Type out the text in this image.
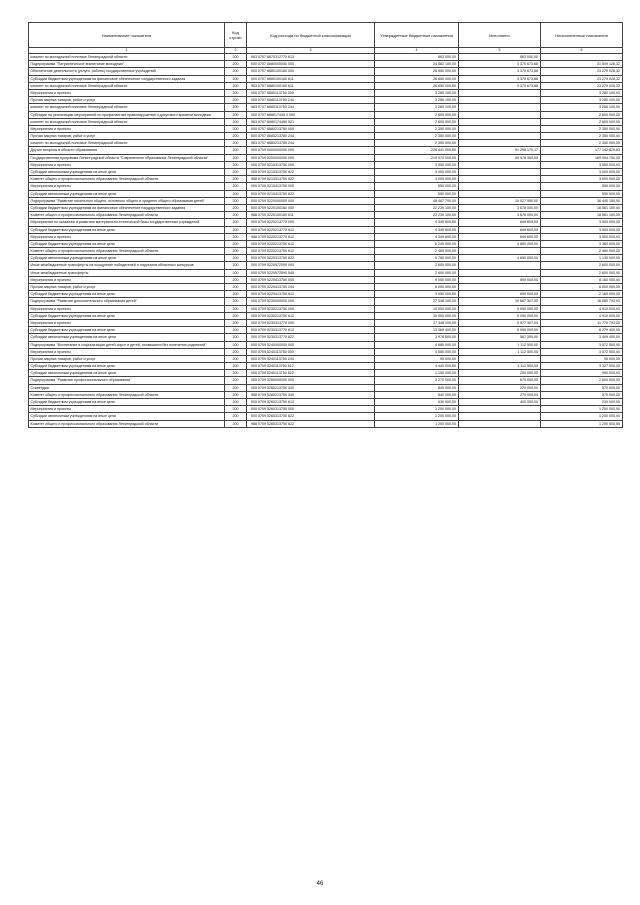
Наименование показателя	Код строки	Код расхода по бюджетной классификации	Утвержденные бюджетные назначения	Исполнено	Неисполненные назначения
1	2	3	4	5	6
комитет по молодежной политике Ленинградской области	200	963 0707 6670312770 612	863 000,00	863 000,00	
Подпрограмма "Патриотическое воспитание молодежи"	200	000 0707 6680000000 000	34 882 100,00	3 370 673,68	31 509 126,32
Обеспечение деятельности (услуги, работы) государственных учреждений	200	000 0707 6680100160 000	26 650 000,00	3 370 673,68	23 279 026,32
Субсидии бюджетным учреждениям на финансовое обеспечение государственного задания	200	000 0707 6680100160 611	26 650 000,00	3 370 673,68	23 279 026,32
комитет по молодежной политике Ленинградской области	200	963 0707 6680100160 611	26 650 000,00	3 370 673,68	23 279 026,32
Мероприятия и проекты	200	000 0707 6680113750 000	3 280 100,00		3 280 100,00
Прочая закупка товаров, работ и услуг	200	000 0707 6680113750 244	3 280 100,00		3 280 100,00
комитет по молодежной политике Ленинградской области	200	963 0707 6680113750 244	3 280 100,00		3 280 100,00
Субсидии на реализацию мероприятий по профилактике правонарушений и досугового времени молодежи	200	000 0707 668017445 0 000	2 600 000,00		2 600 000,00
комитет по молодежной политике Ленинградской области	200	963 0707 6680174450 521	2 600 000,00		2 600 000,00
Мероприятия и проекты	200	000 0707 6680213780 000	2 350 000,00		2 350 000,00
Прочая закупка товаров, работ и услуг	200	000 0707 6680213780 244	2 350 000,00		2 350 000,00
комитет по молодежной политике Ленинградской области	200	963 0707 6680213780 244	2 350 000,00		2 350 000,00
Другие вопросы в области образования	200	000 0709 0000000000 000	228 441 000,00	51 298 170,17	177 142 829,83
Государственная программа Ленинградской области "Современное образование Ленинградской области"	200	000 0709 5200000000 000	219 070 000,00	49 975 300,00	169 094 700,00
Мероприятия и проекты	200	000 0709 5210313750 000	3 550 000,00		3 550 000,00
Субсидии автономным учреждениям на иные цели	200	000 0709 5210313750 622	3 000 000,00		3 000 000,00
Комитет общего и профессионального образования Ленинградской области	200	988 0709 5210313750 622	3 000 000,00		3 000 000,00
Мероприятия и проекты	200	000 0709 5210413750 000	550 000,00		550 000,00
Субсидии автономным учреждениям на иные цели	200	000 0709 5210413750 622	550 000,00		550 000,00
Подпрограмма "Развитие начального общего, основного общего и среднего общего образования детей"	200	000 0709 5220000000 000	46 467 700,00	10 027 550,00	36 440 150,00
Субсидии бюджетным учреждениям на финансовое обеспечение государственного задания	200	000 0709 5220100160 000	22 239 100,00	3 678 000,00	18 561 100,00
Комитет общего и профессионального образования Ленинградской области	200	988 0709 5220100160 611	22 239 100,00	3 678 000,00	18 561 100,00
Мероприятия по оказанию и развитию материально-технической базы государственных учреждений	200	000 0709 5220213770 000	4 349 600,00	849 600,00	3 500 000,00
Субсидии бюджетным учреждениям на иные цели	200	000 0709 5220213770 612	4 349 600,00	849 600,00	3 500 000,00
Мероприятия и проекты	200	988 0709 5220213770 612	4 349 600,00	849 600,00	3 500 000,00
Субсидии бюджетным учреждениям на иные цели	200	000 0709 5220213750 612	8 240 000,00	4 880 000,00	3 360 000,00
Комитет общего и профессионального образования Ленинградской области	200	000 0709 5220213750 612	2 460 000,00		2 460 000,00
Субсидии автономным учреждениям на иные цели	200	000 0709 5220313750 622	5 780 000,00	4 650 000,00	1 130 000,00
Иные межбюджетные трансферты на поощрение победителей и лауреатов областных конкурсов	200	000 0709 5220572090 000	2 600 000,00		2 600 000,00
Иные межбюджетные трансферты	200	000 0709 5220572090 540	2 600 000,00		2 600 000,00
Мероприятия и проекты	200	000 0709 5220413750 000	9 050 000,00	890 000,00	8 160 000,00
Прочая закупка товаров, работ и услуг	200	000 0709 5220413750 244	6 000 000,00		6 000 000,00
Субсидии бюджетным учреждениям на иные цели	200	000 0709 5220413750 612	3 050 000,00	890 000,00	2 160 000,00
Подпрограмма "Развитие дополнительного образования детей"	200	000 0709 5230000000 000	27 348 100,00	10 667 307,00	16 680 793,00
Мероприятия и проекты	200	000 0709 5230213750 000	10 000 000,00	5 090 000,00	4 910 000,00
Субсидии бюджетным учреждениям на иные цели	200	000 0709 5230213750 612	10 000 000,00	5 090 000,00	4 910 000,00
Мероприятия и проекты	200	000 0709 5230313770 000	17 348 100,00	5 577 307,00	11 770 793,00
Субсидии бюджетным учреждениям на иные цели	200	000 0709 5230313770 612	13 369 400,00	5 090 000,00	8 279 400,00
Субсидии автономным учреждениям на иные цели	200	000 0709 5230313770 622	3 978 800,00	567 300,00	3 409 400,00
Подпрограмма "Воспитание и социализация детей-сирот и детей, оставшихся без попечения родителей"	200	000 0709 5240000000 000	4 685 000,00	1 112 500,00	3 572 500,00
Мероприятия и проекты	200	000 0709 5240113750 000	4 685 000,00	1 112 500,00	3 572 500,00
Прочая закупка товаров, работ и услуг	200	000 0709 5240113750 244	95 000,00		95 000,00
Субсидии бюджетным учреждениям на иные цели	200	000 0709 5240113750 612	4 440 000,00	1 112 500,00	3 327 500,00
Субсидии автономным учреждениям на иные цели	200	000 0709 5240113750 622	1 150 000,00	200 000,00	950 000,00
Подпрограмма "Развитие профессионального образования"	200	000 0709 5260000000 000	3 270 000,00	670 000,00	2 600 000,00
Стипендии	200	000 0709 5260213750 340	840 000,00	270 000,00	570 000,00
Комитет общего и профессионального образования Ленинградской области	200	988 0709 5260213750 340	840 000,00	270 000,00	570 000,00
Субсидии бюджетным учреждениям на иные цели	200	000 0709 5260213750 612	630 000,00	400 000,00	230 000,00
Мероприятия и проекты	200	000 0709 5260313750 000	1 200 000,00		1 200 000,00
Субсидии автономным учреждениям на иные цели	200	000 0709 5260313750 622	1 200 000,00		1 200 000,00
Комитет общего и профессионального образования Ленинградской области	200	988 0709 5260313750 622	1 200 000,00		1 200 000,00
46
